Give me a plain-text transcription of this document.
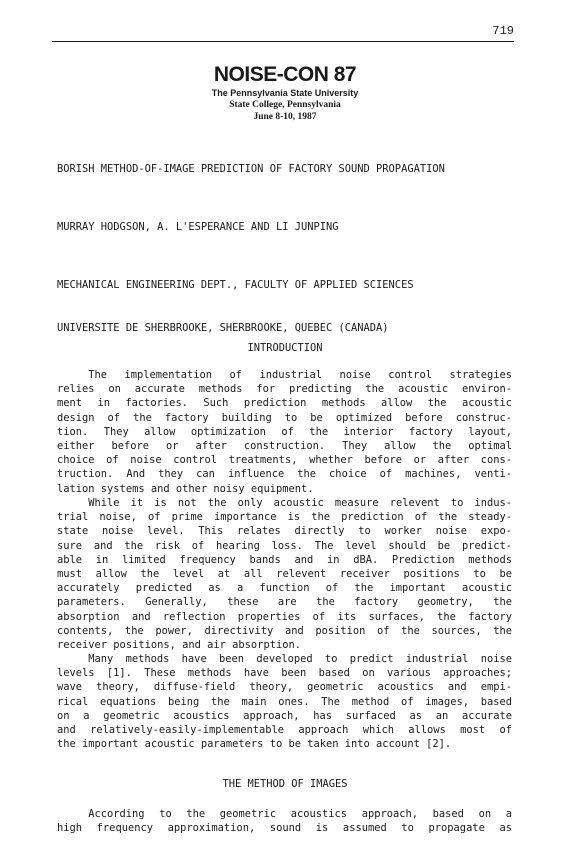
719
NOISE-CON 87
The Pennsylvania State University
State College, Pennsylvania
June 8-10, 1987
BORISH METHOD-OF-IMAGE PREDICTION OF FACTORY SOUND PROPAGATION
MURRAY HODGSON, A. L'ESPERANCE AND LI JUNPING

MECHANICAL ENGINEERING DEPT., FACULTY OF APPLIED SCIENCES

UNIVERSITE DE SHERBROOKE, SHERBROOKE, QUEBEC (CANADA)

INTRODUCTION
The implementation of industrial noise control strategies
relies on accurate methods for predicting the acoustic environ-
ment in factories. Such prediction methods allow the acoustic
design of the factory building to be optimized before construc-
tion. They allow optimization of the interior factory layout,
either before or after construction. They allow the optimal
choice of noise control treatments, whether before or after cons-
truction. And they can influence the choice of machines, venti-
lation systems and other noisy equipment.
While it is not the only acoustic measure relevent to indus-
trial noise, of prime importance is the prediction of the steady-
state noise level. This relates directly to worker noise expo-
sure and the risk of hearing loss. The level should be predict-
able in limited frequency bands and in dBA. Prediction methods
must allow the level at all relevent receiver positions to be
accurately predicted as a function of the important acoustic
parameters. Generally, these are the factory geometry, the
absorption and reflection properties of its surfaces, the factory
contents, the power, directivity and position of the sources, the
receiver positions, and air absorption.
Many methods have been developed to predict industrial noise
levels [1]. These methods have been based on various approaches;
wave theory, diffuse-field theory, geometric acoustics and empi-
rical equations being the main ones. The method of images, based
on a geometric acoustics approach, has surfaced as an accurate
and relatively-easily-implementable approach which allows most of
the important acoustic parameters to be taken into account [2].
THE METHOD OF IMAGES
According to the geometric acoustics approach, based on a
high frequency approximation, sound is assumed to propagate as
